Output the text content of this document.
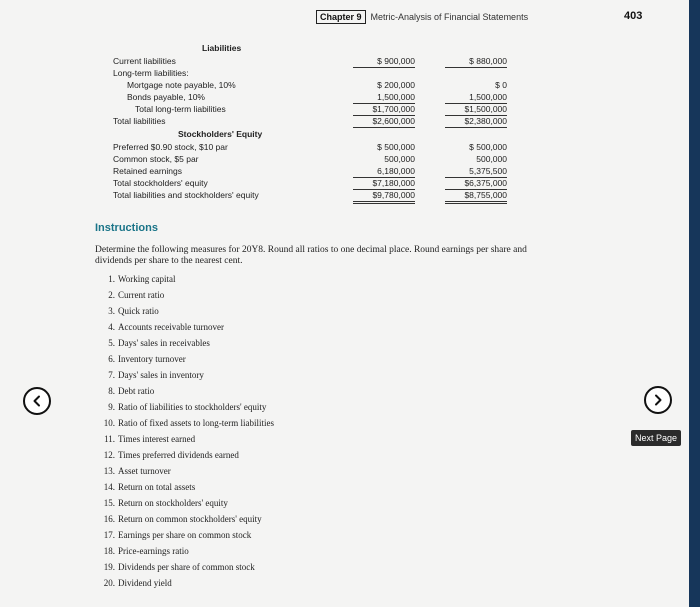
Chapter 9	Metric-Analysis of Financial Statements	403
Liabilities
Current liabilities	$ 900,000	$ 880,000
Long-term liabilities:
Mortgage note payable, 10%	$ 200,000	$ 0
Bonds payable, 10%	1,500,000	1,500,000
Total long-term liabilities	$1,700,000	$1,500,000
Total liabilities	$2,600,000	$2,380,000
Stockholders' Equity
Preferred $0.90 stock, $10 par	$ 500,000	$ 500,000
Common stock, $5 par	500,000	500,000
Retained earnings	6,180,000	5,375,500
Total stockholders' equity	$7,180,000	$6,375,000
Total liabilities and stockholders' equity	$9,780,000	$8,755,000
Instructions
Determine the following measures for 20Y8. Round all ratios to one decimal place. Round earnings per share and dividends per share to the nearest cent.
1. Working capital
2. Current ratio
3. Quick ratio
4. Accounts receivable turnover
5. Days' sales in receivables
6. Inventory turnover
7. Days' sales in inventory
8. Debt ratio
9. Ratio of liabilities to stockholders' equity
10. Ratio of fixed assets to long-term liabilities
11. Times interest earned
12. Times preferred dividends earned
13. Asset turnover
14. Return on total assets
15. Return on stockholders' equity
16. Return on common stockholders' equity
17. Earnings per share on common stock
18. Price-earnings ratio
19. Dividends per share of common stock
20. Dividend yield
Next Page
